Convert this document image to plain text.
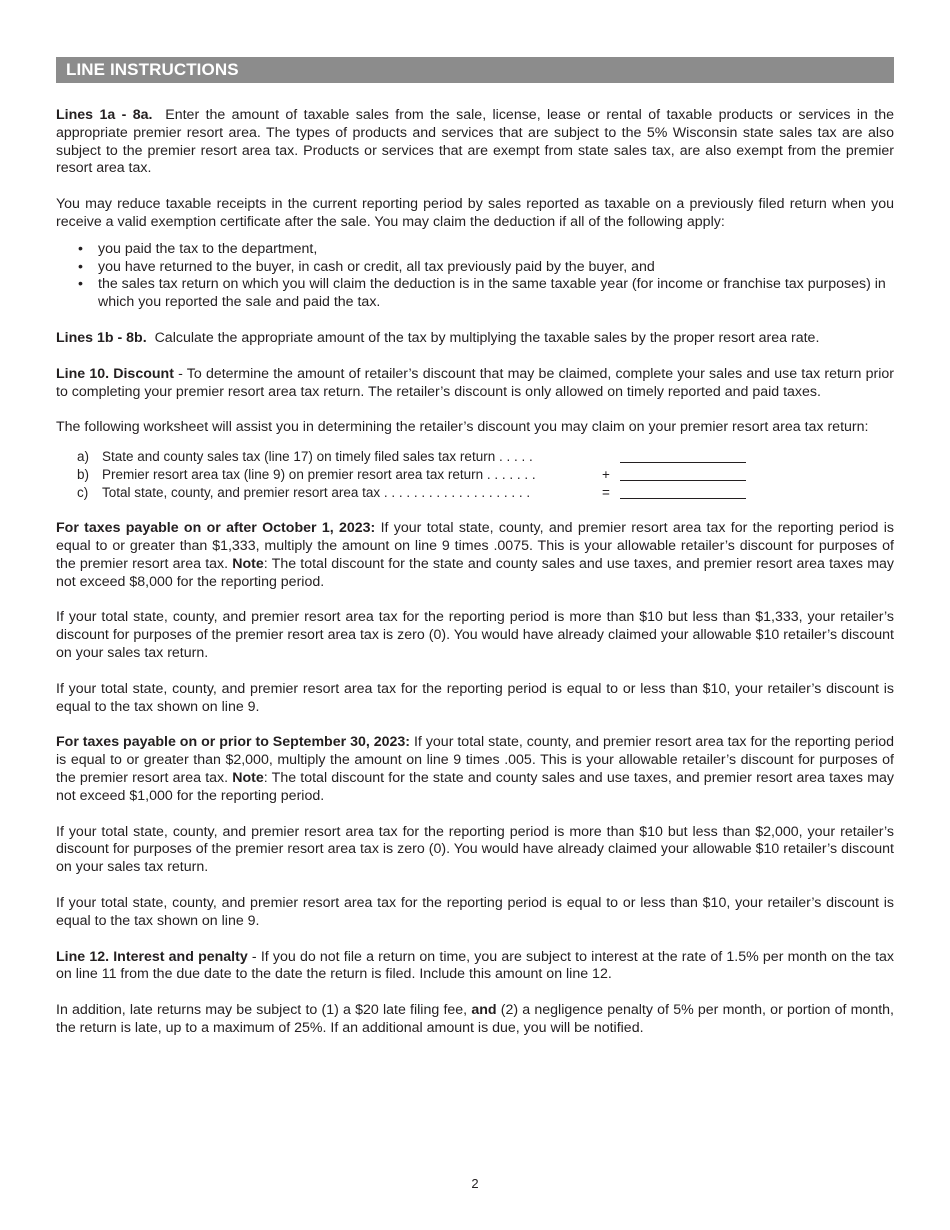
LINE INSTRUCTIONS

Lines 1a - 8a. Enter the amount of taxable sales from the sale, license, lease or rental of taxable products or services in the appropriate premier resort area. The types of products and services that are subject to the 5% Wisconsin state sales tax are also subject to the premier resort area tax. Products or services that are exempt from state sales tax, are also exempt from the premier resort area tax.

You may reduce taxable receipts in the current reporting period by sales reported as taxable on a previously filed return when you receive a valid exemption certificate after the sale. You may claim the deduction if all of the following apply:

• you paid the tax to the department,
• you have returned to the buyer, in cash or credit, all tax previously paid by the buyer, and
• the sales tax return on which you will claim the deduction is in the same taxable year (for income or franchise tax purposes) in which you reported the sale and paid the tax.

Lines 1b - 8b. Calculate the appropriate amount of the tax by multiplying the taxable sales by the proper resort area rate.

Line 10. Discount - To determine the amount of retailer’s discount that may be claimed, complete your sales and use tax return prior to completing your premier resort area tax return. The retailer’s discount is only allowed on timely reported and paid taxes.

The following worksheet will assist you in determining the retailer’s discount you may claim on your premier resort area tax return:

a) State and county sales tax (line 17) on timely filed sales tax return . . . . .
b) Premier resort area tax (line 9) on premier resort area tax return . . . . . . .	+
c) Total state, county, and premier resort area tax . . . . . . . . . . . . . . . . . . . .	=

For taxes payable on or after October 1, 2023: If your total state, county, and premier resort area tax for the reporting period is equal to or greater than $1,333, multiply the amount on line 9 times .0075. This is your allowable retailer’s discount for purposes of the premier resort area tax. Note: The total discount for the state and county sales and use taxes, and premier resort area taxes may not exceed $8,000 for the reporting period.

If your total state, county, and premier resort area tax for the reporting period is more than $10 but less than $1,333, your retailer’s discount for purposes of the premier resort area tax is zero (0). You would have already claimed your allowable $10 retailer’s discount on your sales tax return.

If your total state, county, and premier resort area tax for the reporting period is equal to or less than $10, your retailer’s discount is equal to the tax shown on line 9.

For taxes payable on or prior to September 30, 2023: If your total state, county, and premier resort area tax for the reporting period is equal to or greater than $2,000, multiply the amount on line 9 times .005. This is your allowable retailer’s discount for purposes of the premier resort area tax. Note: The total discount for the state and county sales and use taxes, and premier resort area taxes may not exceed $1,000 for the reporting period.

If your total state, county, and premier resort area tax for the reporting period is more than $10 but less than $2,000, your retailer’s discount for purposes of the premier resort area tax is zero (0). You would have already claimed your allowable $10 retailer’s discount on your sales tax return.

If your total state, county, and premier resort area tax for the reporting period is equal to or less than $10, your retailer’s discount is equal to the tax shown on line 9.

Line 12. Interest and penalty - If you do not file a return on time, you are subject to interest at the rate of 1.5% per month on the tax on line 11 from the due date to the date the return is filed. Include this amount on line 12.

In addition, late returns may be subject to (1) a $20 late filing fee, and (2) a negligence penalty of 5% per month, or portion of month, the return is late, up to a maximum of 25%. If an additional amount is due, you will be notified.

2
